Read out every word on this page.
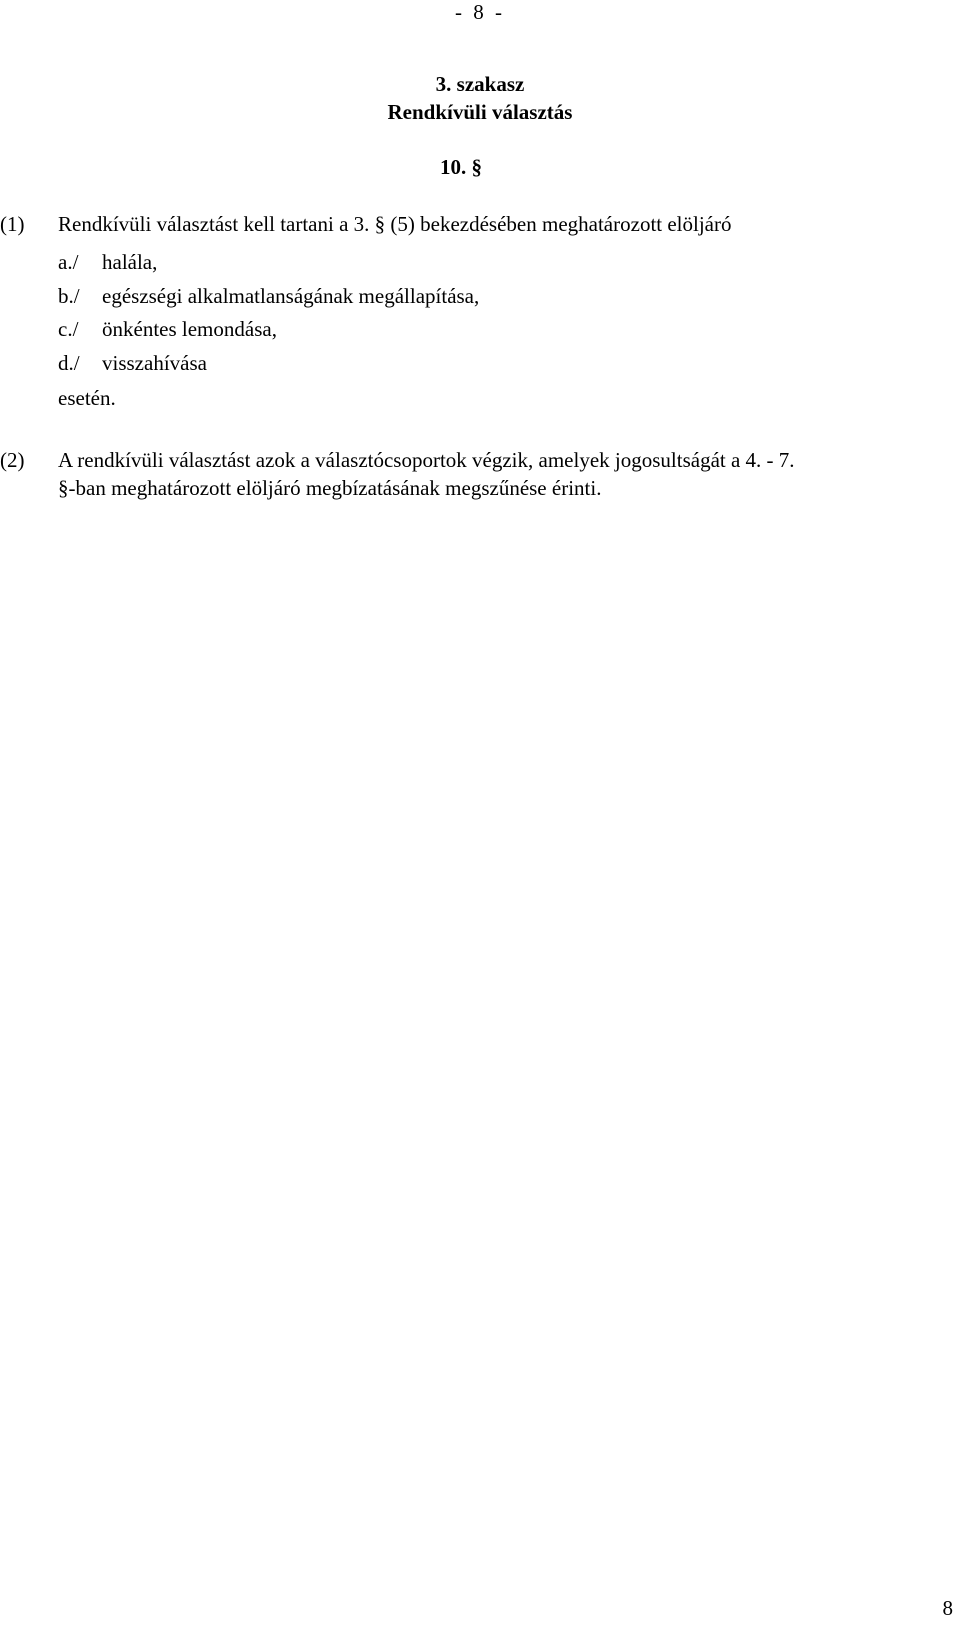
- 8 -
3. szakasz
Rendkívüli választás
10. §
(1) Rendkívüli választást kell tartani a 3. § (5) bekezdésében meghatározott elöljáró
a./ halála,
b./ egészségi alkalmatlanságának megállapítása,
c./ önkéntes lemondása,
d./ visszahívása
esetén.
(2) A rendkívüli választást azok a választócsoportok végzik, amelyek jogosultságát a 4. - 7.
§-ban meghatározott elöljáró megbízatásának megszűnése érinti.
8
